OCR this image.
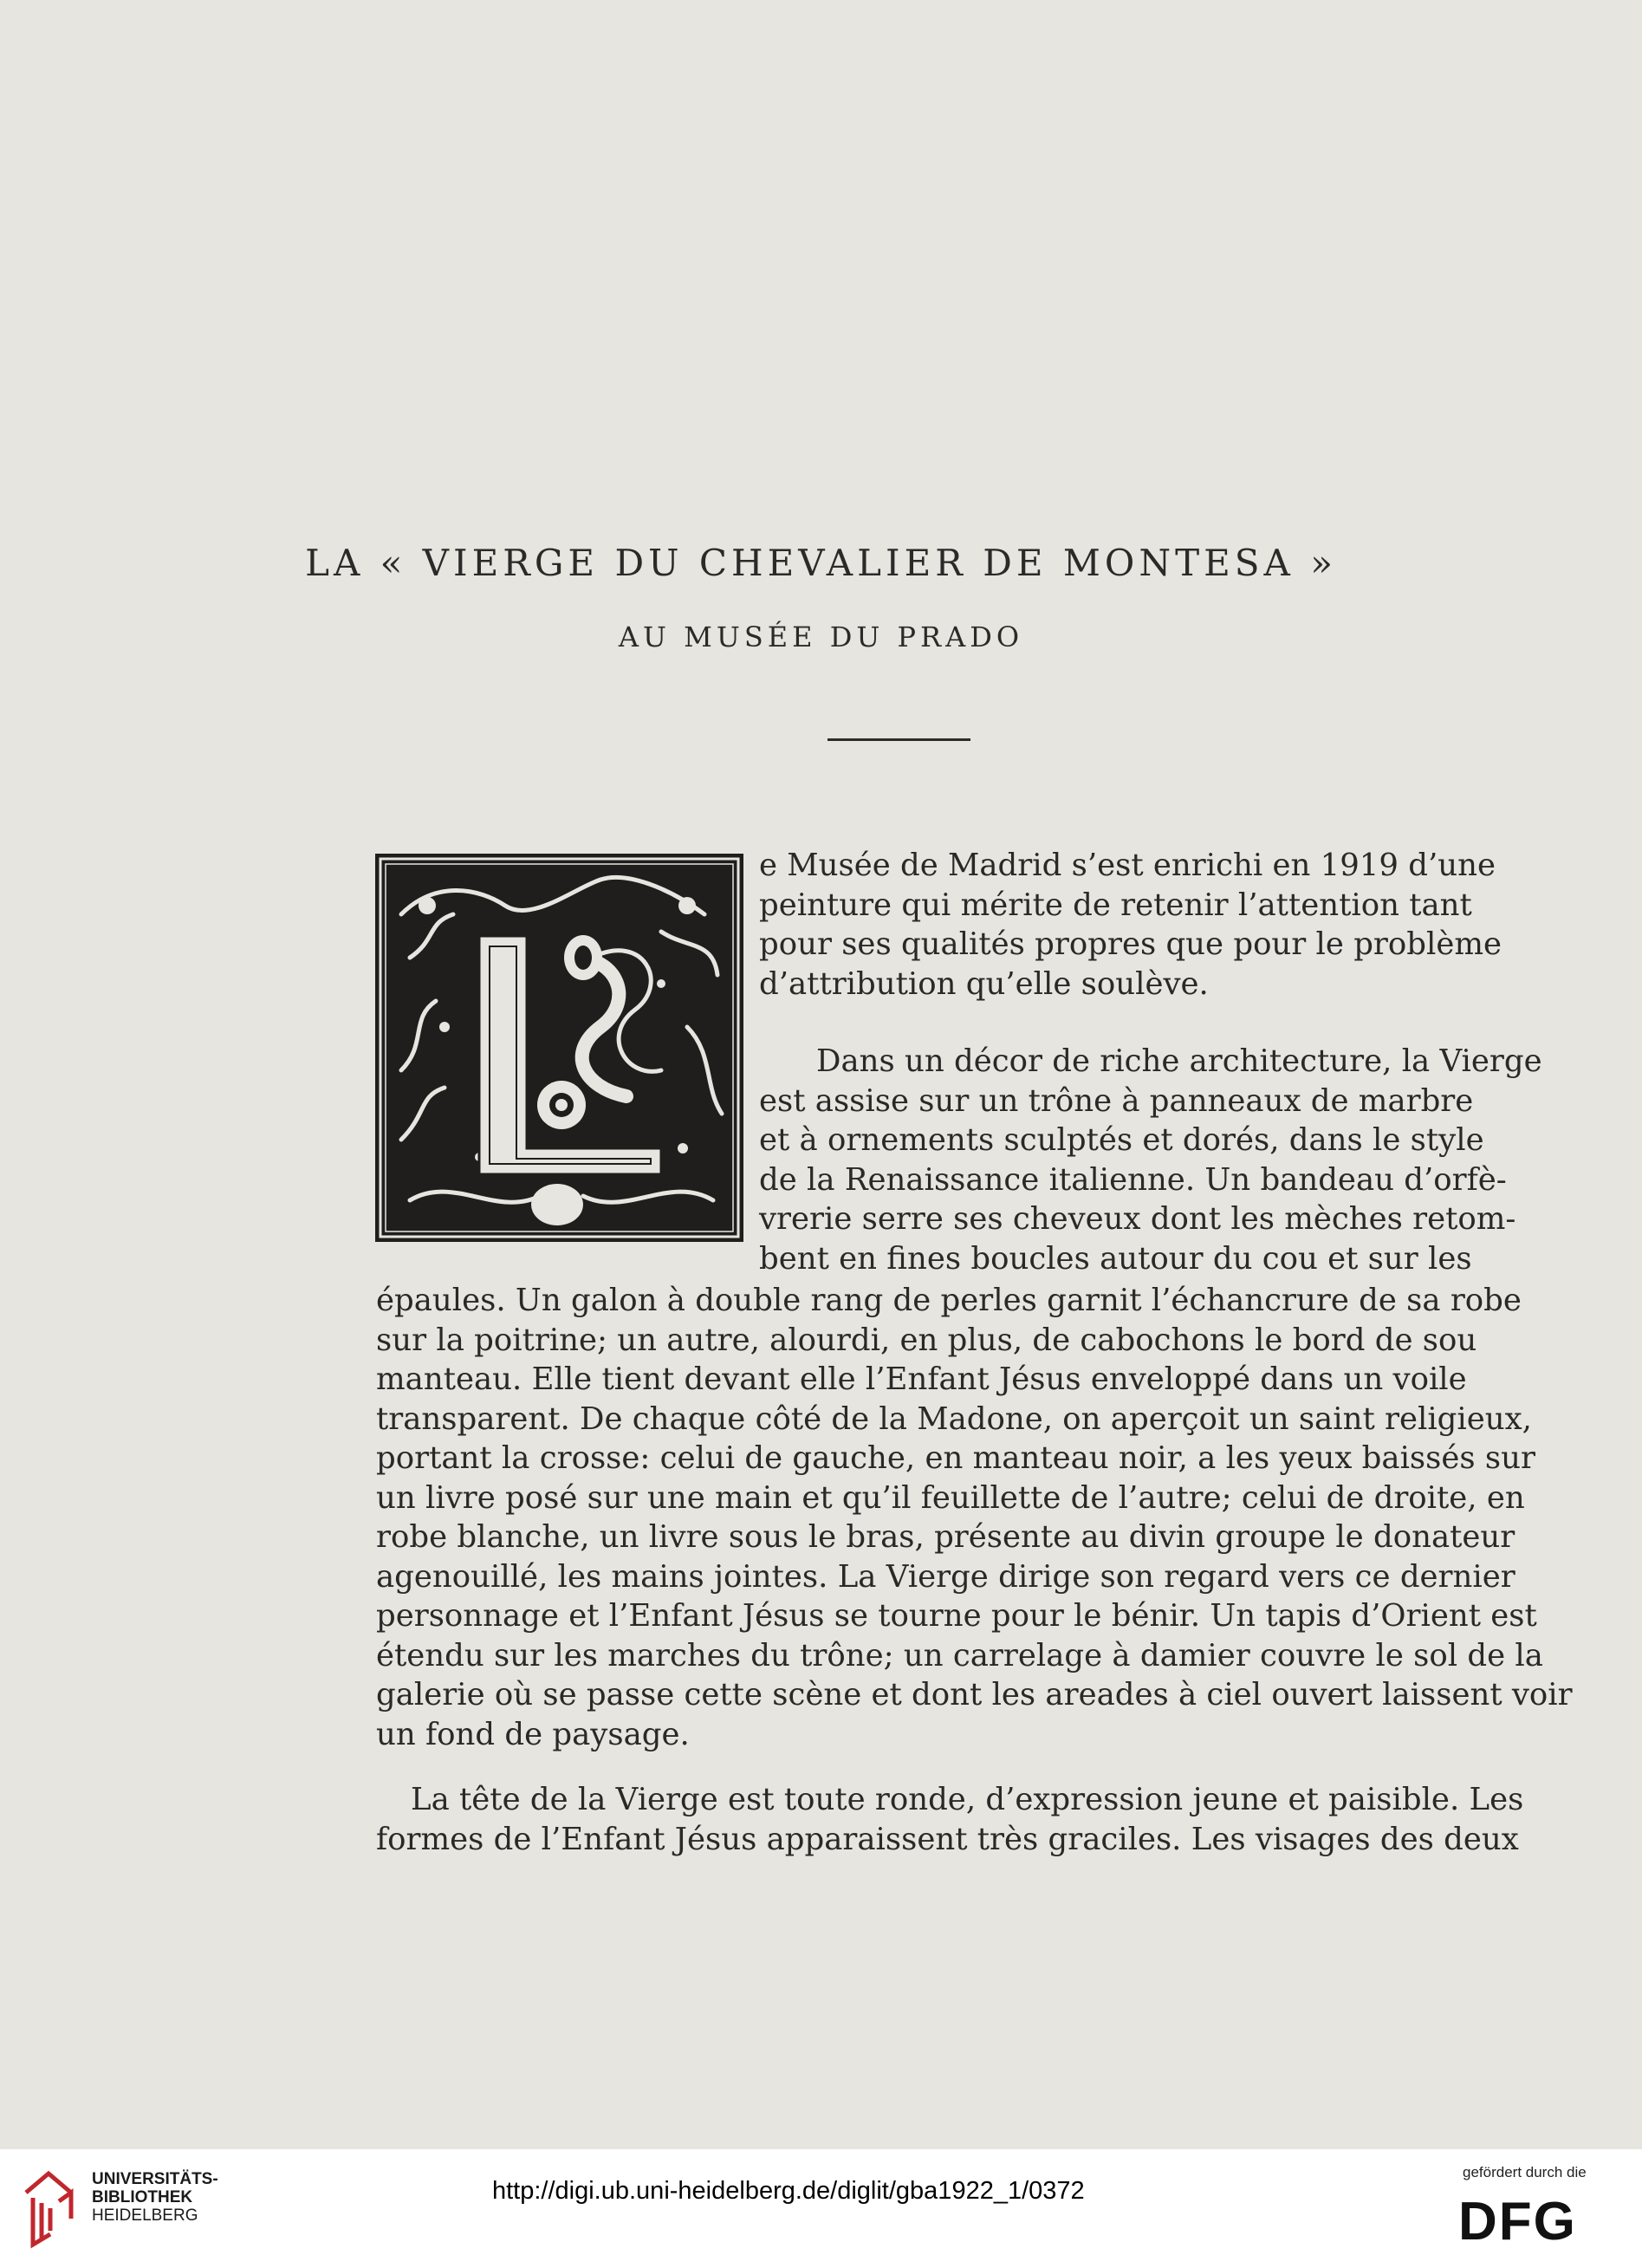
LA « VIERGE DU CHEVALIER DE MONTESA »
AU MUSÉE DU PRADO
e Musée de Madrid s’est enrichi en 1919 d’une
peinture qui mérite de retenir l’attention tant
pour ses qualités propres que pour le problème
d’attribution qu’elle soulève.
Dans un décor de riche architecture, la Vierge
est assise sur un trône à panneaux de marbre
et à ornements sculptés et dorés, dans le style
de la Renaissance italienne. Un bandeau d’orfè-
vrerie serre ses cheveux dont les mèches retom-
bent en fines boucles autour du cou et sur les
épaules. Un galon à double rang de perles garnit l’échancrure de sa robe
sur la poitrine; un autre, alourdi, en plus, de cabochons le bord de sou
manteau. Elle tient devant elle l’Enfant Jésus enveloppé dans un voile
transparent. De chaque côté de la Madone, on aperçoit un saint religieux,
portant la crosse: celui de gauche, en manteau noir, a les yeux baissés sur
un livre posé sur une main et qu’il feuillette de l’autre; celui de droite, en
robe blanche, un livre sous le bras, présente au divin groupe le donateur
agenouillé, les mains jointes. La Vierge dirige son regard vers ce dernier
personnage et l’Enfant Jésus se tourne pour le bénir. Un tapis d’Orient est
étendu sur les marches du trône; un carrelage à damier couvre le sol de la
galerie où se passe cette scène et dont les areades à ciel ouvert laissent voir
un fond de paysage.
La tête de la Vierge est toute ronde, d’expression jeune et paisible. Les
formes de l’Enfant Jésus apparaissent très graciles. Les visages des deux
UNIVERSITÄTS-
BIBLIOTHEK
HEIDELBERG
http://digi.ub.uni-heidelberg.de/diglit/gba1922_1/0372
gefördert durch die
DFG
